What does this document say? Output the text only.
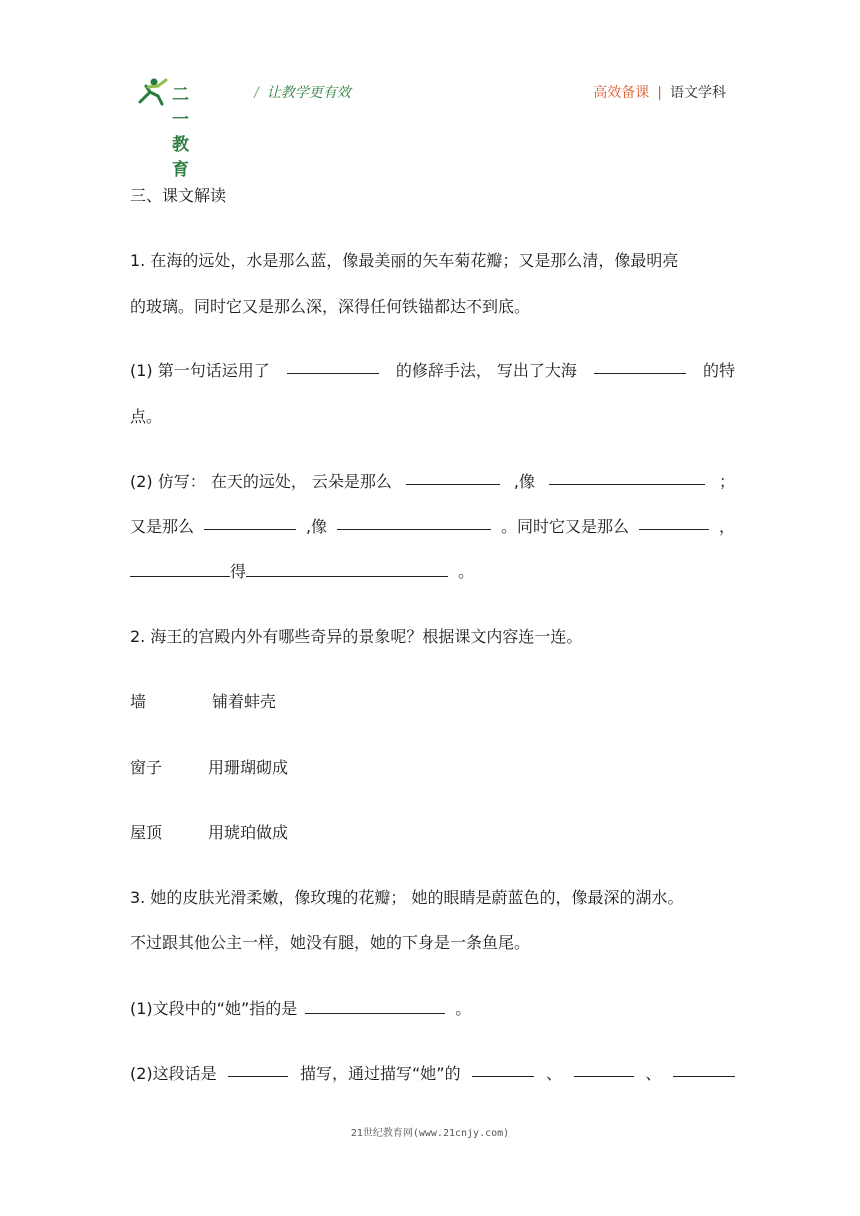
二一教育
/ 让教学更有效	高效备课 | 语文学科
三、课文解读
1. 在海的远处，水是那么蓝，像最美丽的矢车菊花瓣；又是那么清，像最明亮
的玻璃。同时它又是那么深，深得任何铁锚都达不到底。
(1) 第一句话运用了	的修辞手法， 写出了大海	的特
点。
(2) 仿写： 在天的远处， 云朵是那么	,像	；
又是那么	,像	。同时它又是那么	，
得	。
2. 海王的宫殿内外有哪些奇异的景象呢？根据课文内容连一连。
墙	铺着蚌壳
窗子	用珊瑚砌成
屋顶	用琥珀做成
3. 她的皮肤光滑柔嫩，像玫瑰的花瓣； 她的眼睛是蔚蓝色的，像最深的湖水。
不过跟其他公主一样，她没有腿，她的下身是一条鱼尾。
(1)文段中的“她”指的是	。
(2)这段话是	描写，通过描写“她”的	、	、
21世纪教育网(www.21cnjy.com)
